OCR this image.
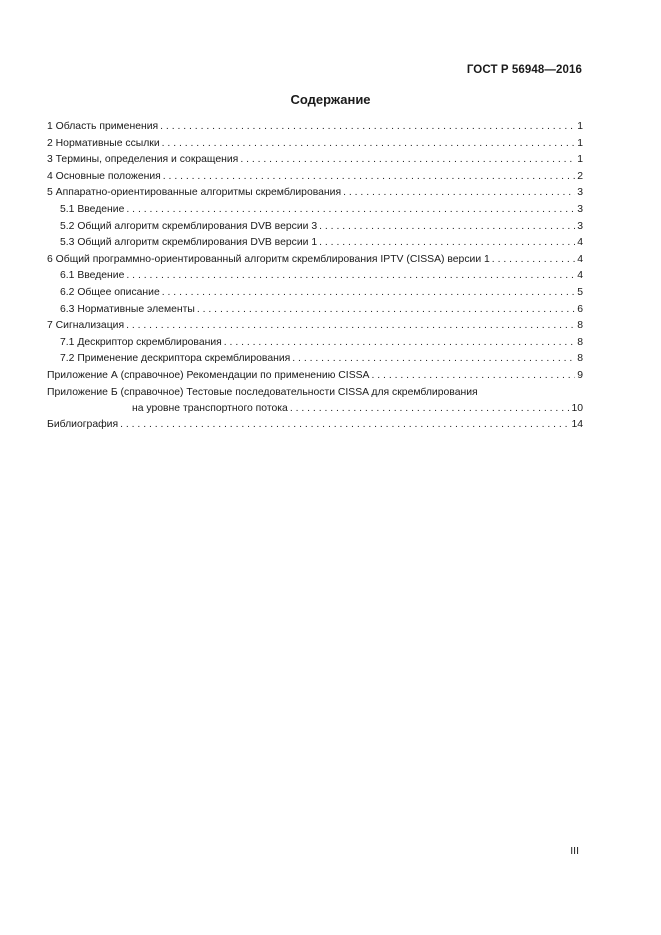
ГОСТ Р 56948—2016
Содержание
1 Область применения . . .	1
2 Нормативные ссылки . . .	1
3 Термины, определения и сокращения . . .	1
4 Основные положения . . .	2
5 Аппаратно-ориентированные алгоритмы скремблирования . . .	3
5.1 Введение . . .	3
5.2 Общий алгоритм скремблирования DVB версии 3 . . .	3
5.3 Общий алгоритм скремблирования DVB версии 1 . . .	4
6 Общий программно-ориентированный алгоритм скремблирования IPTV (CISSA) версии 1 . . .	4
6.1 Введение . . .	4
6.2 Общее описание . . .	5
6.3 Нормативные элементы . . .	6
7 Сигнализация . . .	8
7.1 Дескриптор скремблирования . . .	8
7.2 Применение дескриптора скремблирования . . .	8
Приложение А (справочное) Рекомендации по применению CISSA . . .	9
Приложение Б (справочное) Тестовые последовательности CISSA для скремблирования
на уровне транспортного потока . . .	10
Библиография . . .	14
III
